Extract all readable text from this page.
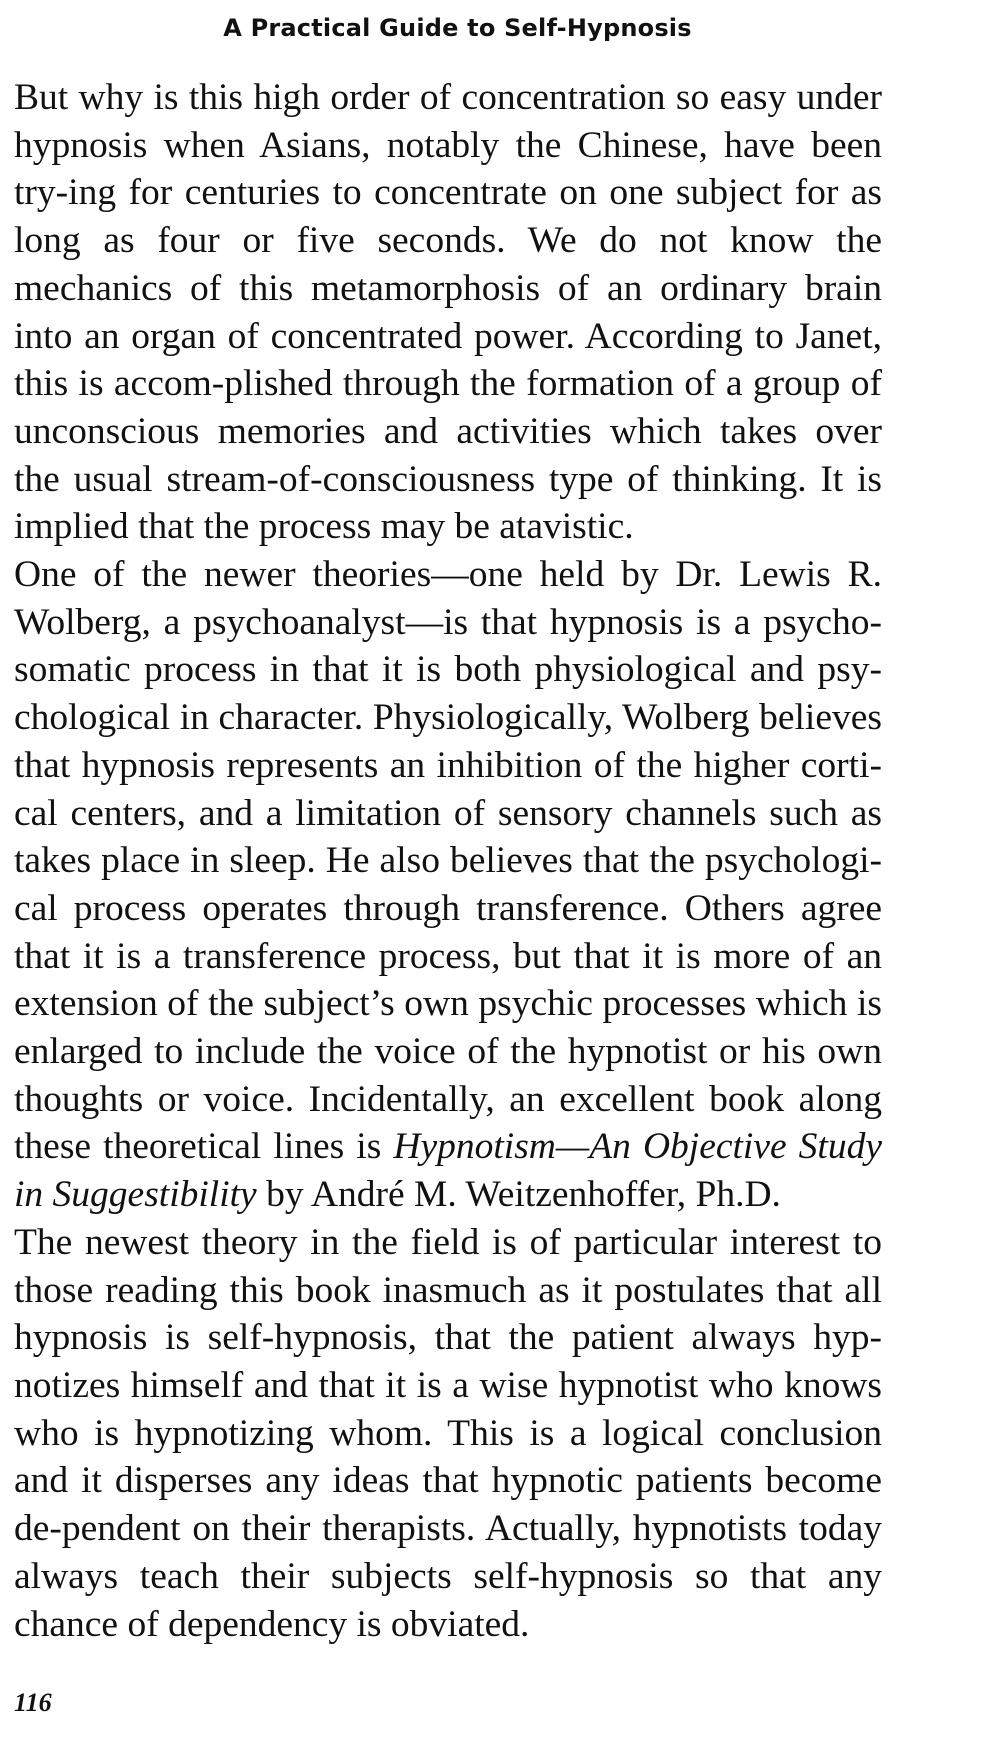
A Practical Guide to Self-Hypnosis

But why is this high order of concentration so easy under hypnosis when Asians, notably the Chinese, have been try-ing for centuries to concentrate on one subject for as long as four or five seconds. We do not know the mechanics of this metamorphosis of an ordinary brain into an organ of concentrated power. According to Janet, this is accom-plished through the formation of a group of unconscious memories and activities which takes over the usual stream-of-consciousness type of thinking. It is implied that the process may be atavistic.

One of the newer theories—one held by Dr. Lewis R. Wolberg, a psychoanalyst—is that hypnosis is a psycho-somatic process in that it is both physiological and psy-chological in character. Physiologically, Wolberg believes that hypnosis represents an inhibition of the higher corti-cal centers, and a limitation of sensory channels such as takes place in sleep. He also believes that the psychologi-cal process operates through transference. Others agree that it is a transference process, but that it is more of an extension of the subject’s own psychic processes which is enlarged to include the voice of the hypnotist or his own thoughts or voice. Incidentally, an excellent book along these theoretical lines is Hypnotism—An Objective Study in Suggestibility by André M. Weitzenhoffer, Ph.D.

The newest theory in the field is of particular interest to those reading this book inasmuch as it postulates that all hypnosis is self-hypnosis, that the patient always hyp-notizes himself and that it is a wise hypnotist who knows who is hypnotizing whom. This is a logical conclusion and it disperses any ideas that hypnotic patients become de-pendent on their therapists. Actually, hypnotists today always teach their subjects self-hypnosis so that any chance of dependency is obviated.

116
